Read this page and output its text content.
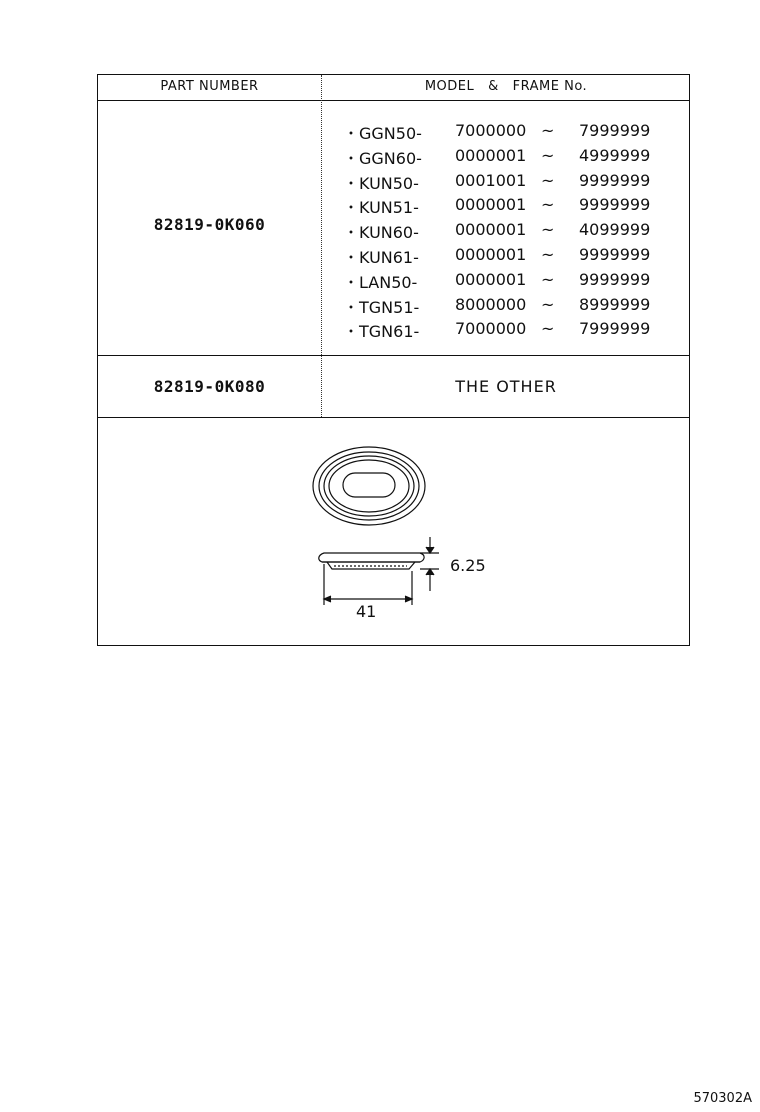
PART NUMBER	MODEL   &   FRAME No.
82819-0K060
・GGN50- 7000000 ~ 7999999
・GGN60- 0000001 ~ 4999999
・KUN50- 0001001 ~ 9999999
・KUN51- 0000001 ~ 9999999
・KUN60- 0000001 ~ 4099999
・KUN61- 0000001 ~ 9999999
・LAN50- 0000001 ~ 9999999
・TGN51- 8000000 ~ 8999999
・TGN61- 7000000 ~ 7999999
82819-0K080	THE OTHER
6.25
41
570302A
